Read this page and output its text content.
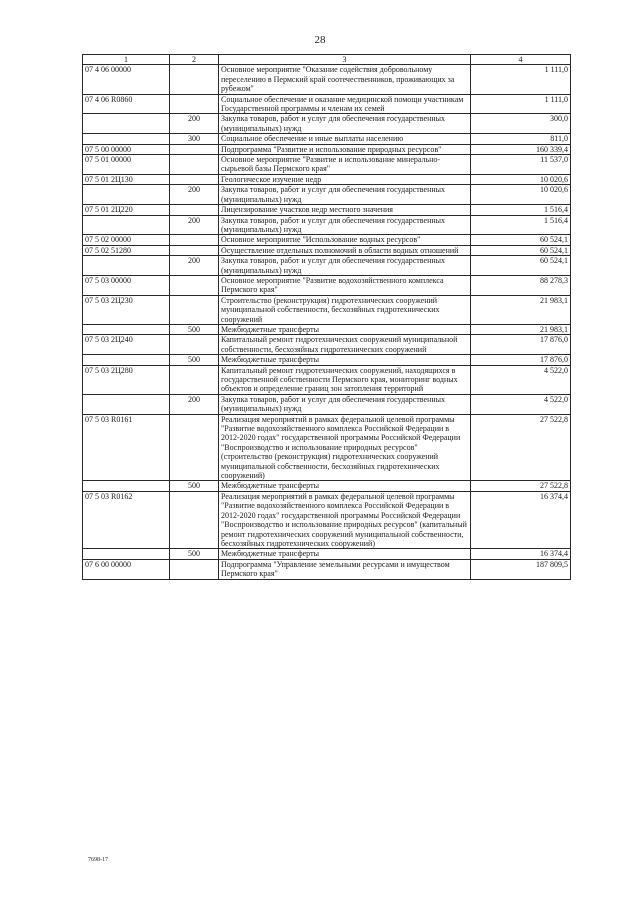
28
1	2	3	4
07 4 06 00000		Основное мероприятие "Оказание содействия добровольному переселению в Пермский край соотечественников, проживающих за рубежом"	1 111,0
07 4 06 R0860		Социальное обеспечение и оказание медицинской помощи участникам Государственной программы и членам их семей	1 111,0
	200	Закупка товаров, работ и услуг для обеспечения государственных (муниципальных) нужд	300,0
	300	Социальное обеспечение и иные выплаты населению	811,0
07 5 00 00000		Подпрограмма "Развитие и использование природных ресурсов"	160 339,4
07 5 01 00000		Основное мероприятие "Развитие и использование минерально-сырьевой базы Пермского края"	11 537,0
07 5 01 2Ц130		Геологическое изучение недр	10 020,6
	200	Закупка товаров, работ и услуг для обеспечения государственных (муниципальных) нужд	10 020,6
07 5 01 2Ц220		Лицензирование участков недр местного значения	1 516,4
	200	Закупка товаров, работ и услуг для обеспечения государственных (муниципальных) нужд	1 516,4
07 5 02 00000		Основное мероприятие "Использование водных ресурсов"	60 524,1
07 5 02 51280		Осуществление отдельных полномочий в области водных отношений	60 524,1
	200	Закупка товаров, работ и услуг для обеспечения государственных (муниципальных) нужд	60 524,1
07 5 03 00000		Основное мероприятие "Развитие водохозяйственного комплекса Пермского края"	88 278,3
07 5 03 2Ц230		Строительство (реконструкция) гидротехнических сооружений муниципальной собственности, бесхозяйных гидротехнических сооружений	21 983,1
	500	Межбюджетные трансферты	21 983,1
07 5 03 2Ц240		Капитальный ремонт гидротехнических сооружений муниципальной собственности, бесхозяйных гидротехнических сооружений	17 876,0
	500	Межбюджетные трансферты	17 876,0
07 5 03 2Ц280		Капитальный ремонт гидротехнических сооружений, находящихся в государственной собственности Пермского края, мониторинг водных объектов и определение границ зон затопления территорий	4 522,0
	200	Закупка товаров, работ и услуг для обеспечения государственных (муниципальных) нужд	4 522,0
07 5 03 R0161		Реализация мероприятий в рамках федеральной целевой программы "Развитие водохозяйственного комплекса Российской Федерации в 2012-2020 годах" государственной программы Российской Федерации "Воспроизводство и использование природных ресурсов" (строительство (реконструкция) гидротехнических сооружений муниципальной собственности, бесхозяйных гидротехнических сооружений)	27 522,8
	500	Межбюджетные трансферты	27 522,8
07 5 03 R0162		Реализация мероприятий в рамках федеральной целевой программы "Развитие водохозяйственного комплекса Российской Федерации в 2012-2020 годах" государственной программы Российской Федерации "Воспроизводство и использование природных ресурсов" (капитальный ремонт гидротехнических сооружений муниципальной собственности, бесхозяйных гидротехнических сооружений)	16 374,4
	500	Межбюджетные трансферты	16 374,4
07 6 00 00000		Подпрограмма "Управление земельными ресурсами и имуществом Пермского края"	187 809,5
7698-17
